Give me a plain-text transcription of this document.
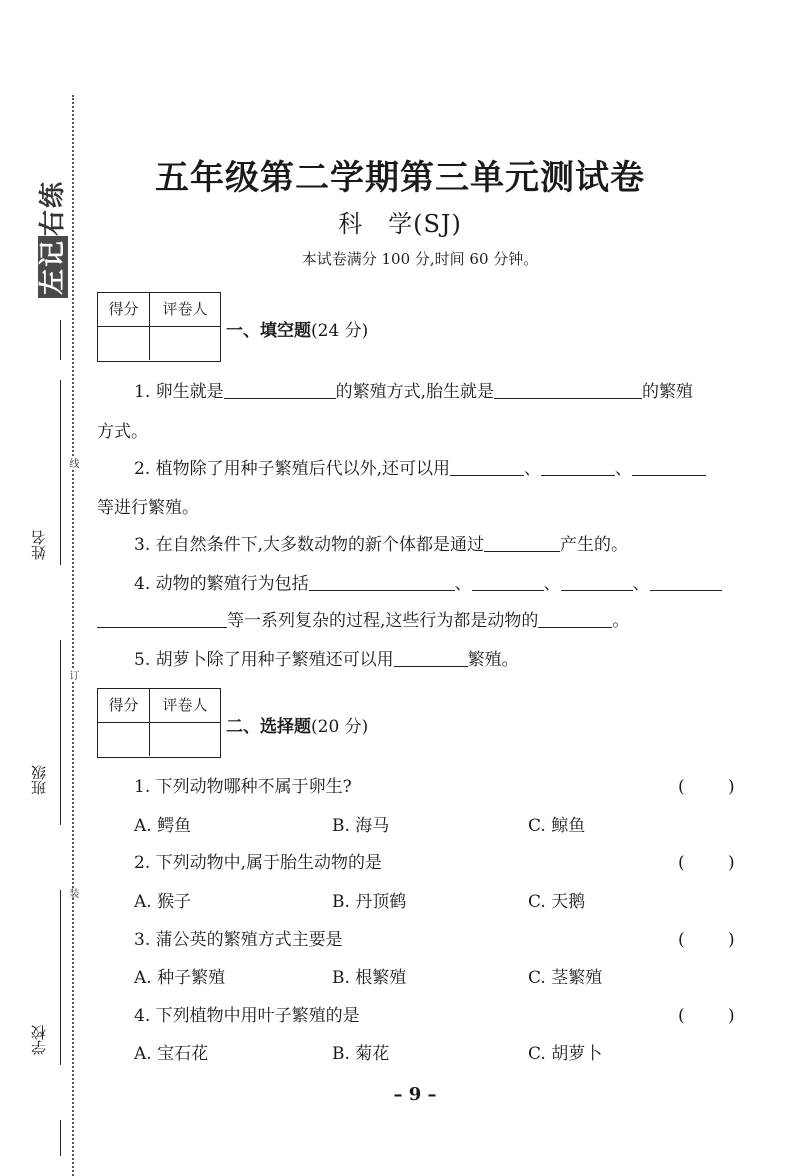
左记右练
姓名
班级
学校
线
订
装
五年级第二学期第三单元测试卷
科　学(SJ)
本试卷满分 100 分,时间 60 分钟。
得分	评卷人
一、填空题(24 分)
1. 卵生就是	的繁殖方式,胎生就是	的繁殖
方式。
2. 植物除了用种子繁殖后代以外,还可以用	、	、
等进行繁殖。
3. 在自然条件下,大多数动物的新个体都是通过	产生的。
4. 动物的繁殖行为包括	、	、	、
等一系列复杂的过程,这些行为都是动物的	。
5. 胡萝卜除了用种子繁殖还可以用	繁殖。
得分	评卷人
二、选择题(20 分)
1. 下列动物哪种不属于卵生?	(	)
A. 鳄鱼	B. 海马	C. 鲸鱼
2. 下列动物中,属于胎生动物的是	(	)
A. 猴子	B. 丹顶鹤	C. 天鹅
3. 蒲公英的繁殖方式主要是	(	)
A. 种子繁殖	B. 根繁殖	C. 茎繁殖
4. 下列植物中用叶子繁殖的是	(	)
A. 宝石花	B. 菊花	C. 胡萝卜
– 9 –
